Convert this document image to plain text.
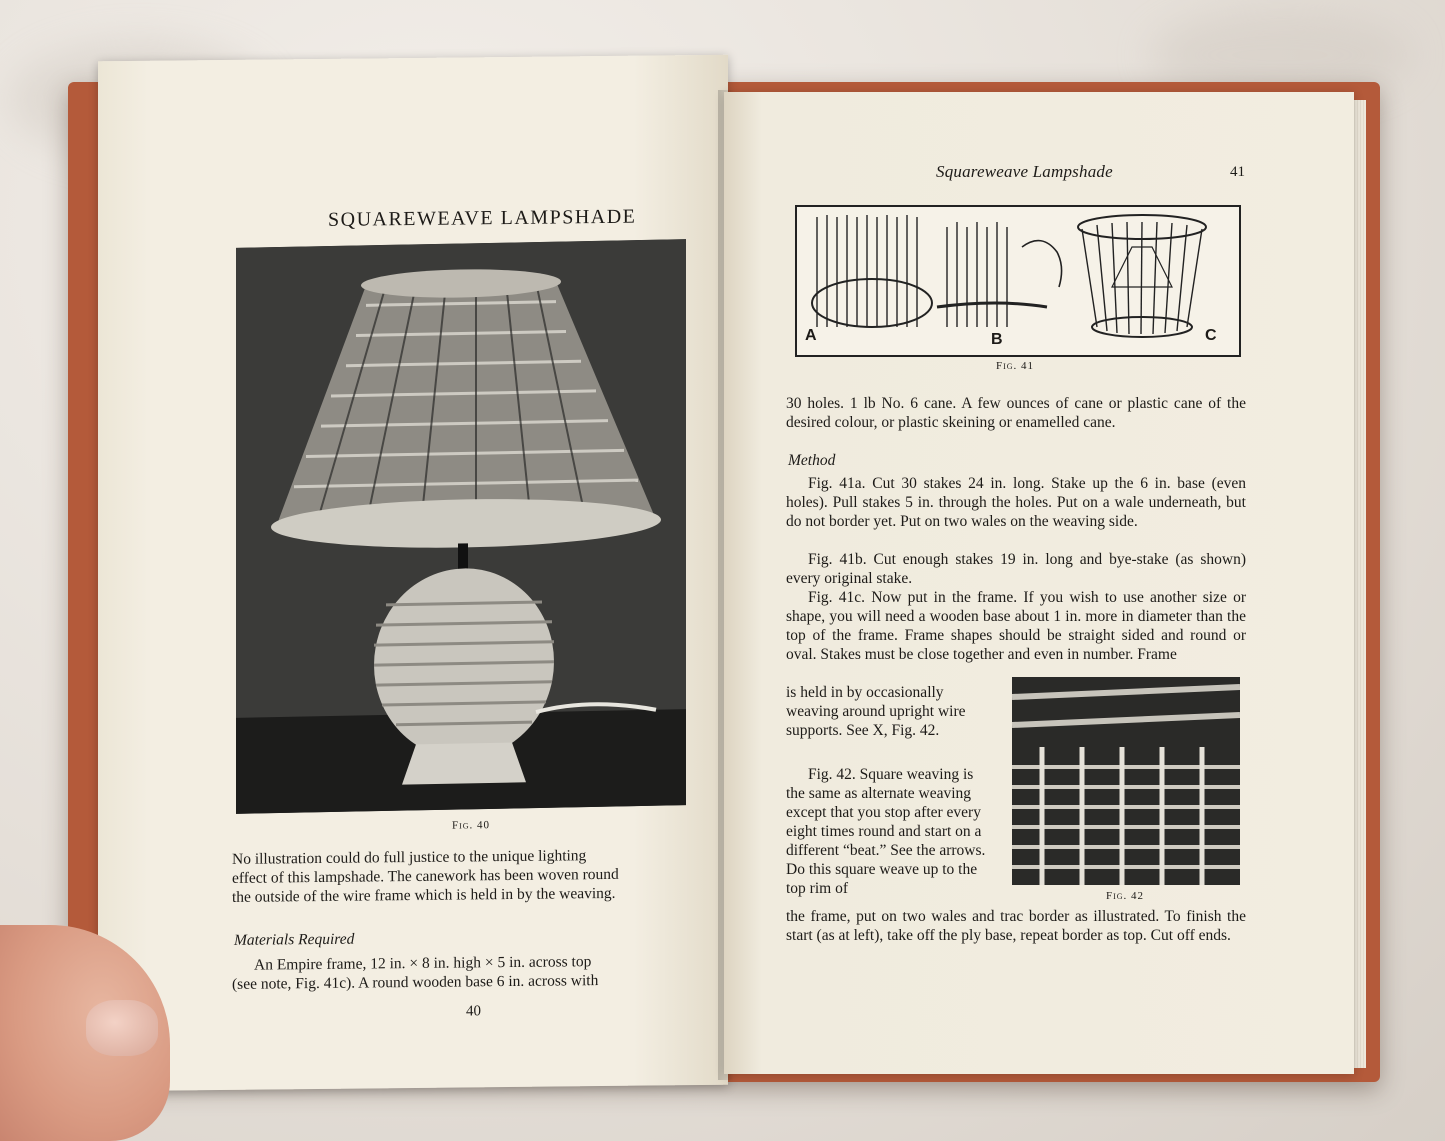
SQUAREWEAVE LAMPSHADE
Fig. 40

No illustration could do full justice to the unique lighting

effect of this lampshade. The canework has been woven round

the outside of the wire frame which is held in by the weaving.

Materials Required

An Empire frame, 12 in. × 8 in. high × 5 in. across top

(see note, Fig. 41c). A round wooden base 6 in. across with

40
Squareweave Lampshade	41
A	B	C
Fig. 41

30 holes. 1 lb No. 6 cane. A few ounces of cane or plastic cane of the desired colour, or plastic skeining or enamelled cane.

Method

Fig. 41a. Cut 30 stakes 24 in. long. Stake up the 6 in. base (even holes). Pull stakes 5 in. through the holes. Put on a wale underneath, but do not border yet. Put on two wales on the weaving side.

Fig. 41b. Cut enough stakes 19 in. long and bye-stake (as shown) every original stake.

Fig. 41c. Now put in the frame. If you wish to use another size or shape, you will need a wooden base about 1 in. more in diameter than the top of the frame. Frame shapes should be straight sided and round or oval. Stakes must be close together and even in number. Frame

is held in by occasionally weaving around upright wire supports. See X, Fig. 42.

Fig. 42. Square weaving is the same as alternate weaving except that you stop after every eight times round and start on a different “beat.” See the arrows. Do this square weave up to the top rim of	Fig. 42

the frame, put on two wales and trac border as illustrated. To finish the start (as at left), take off the ply base, repeat border as top. Cut off ends.
